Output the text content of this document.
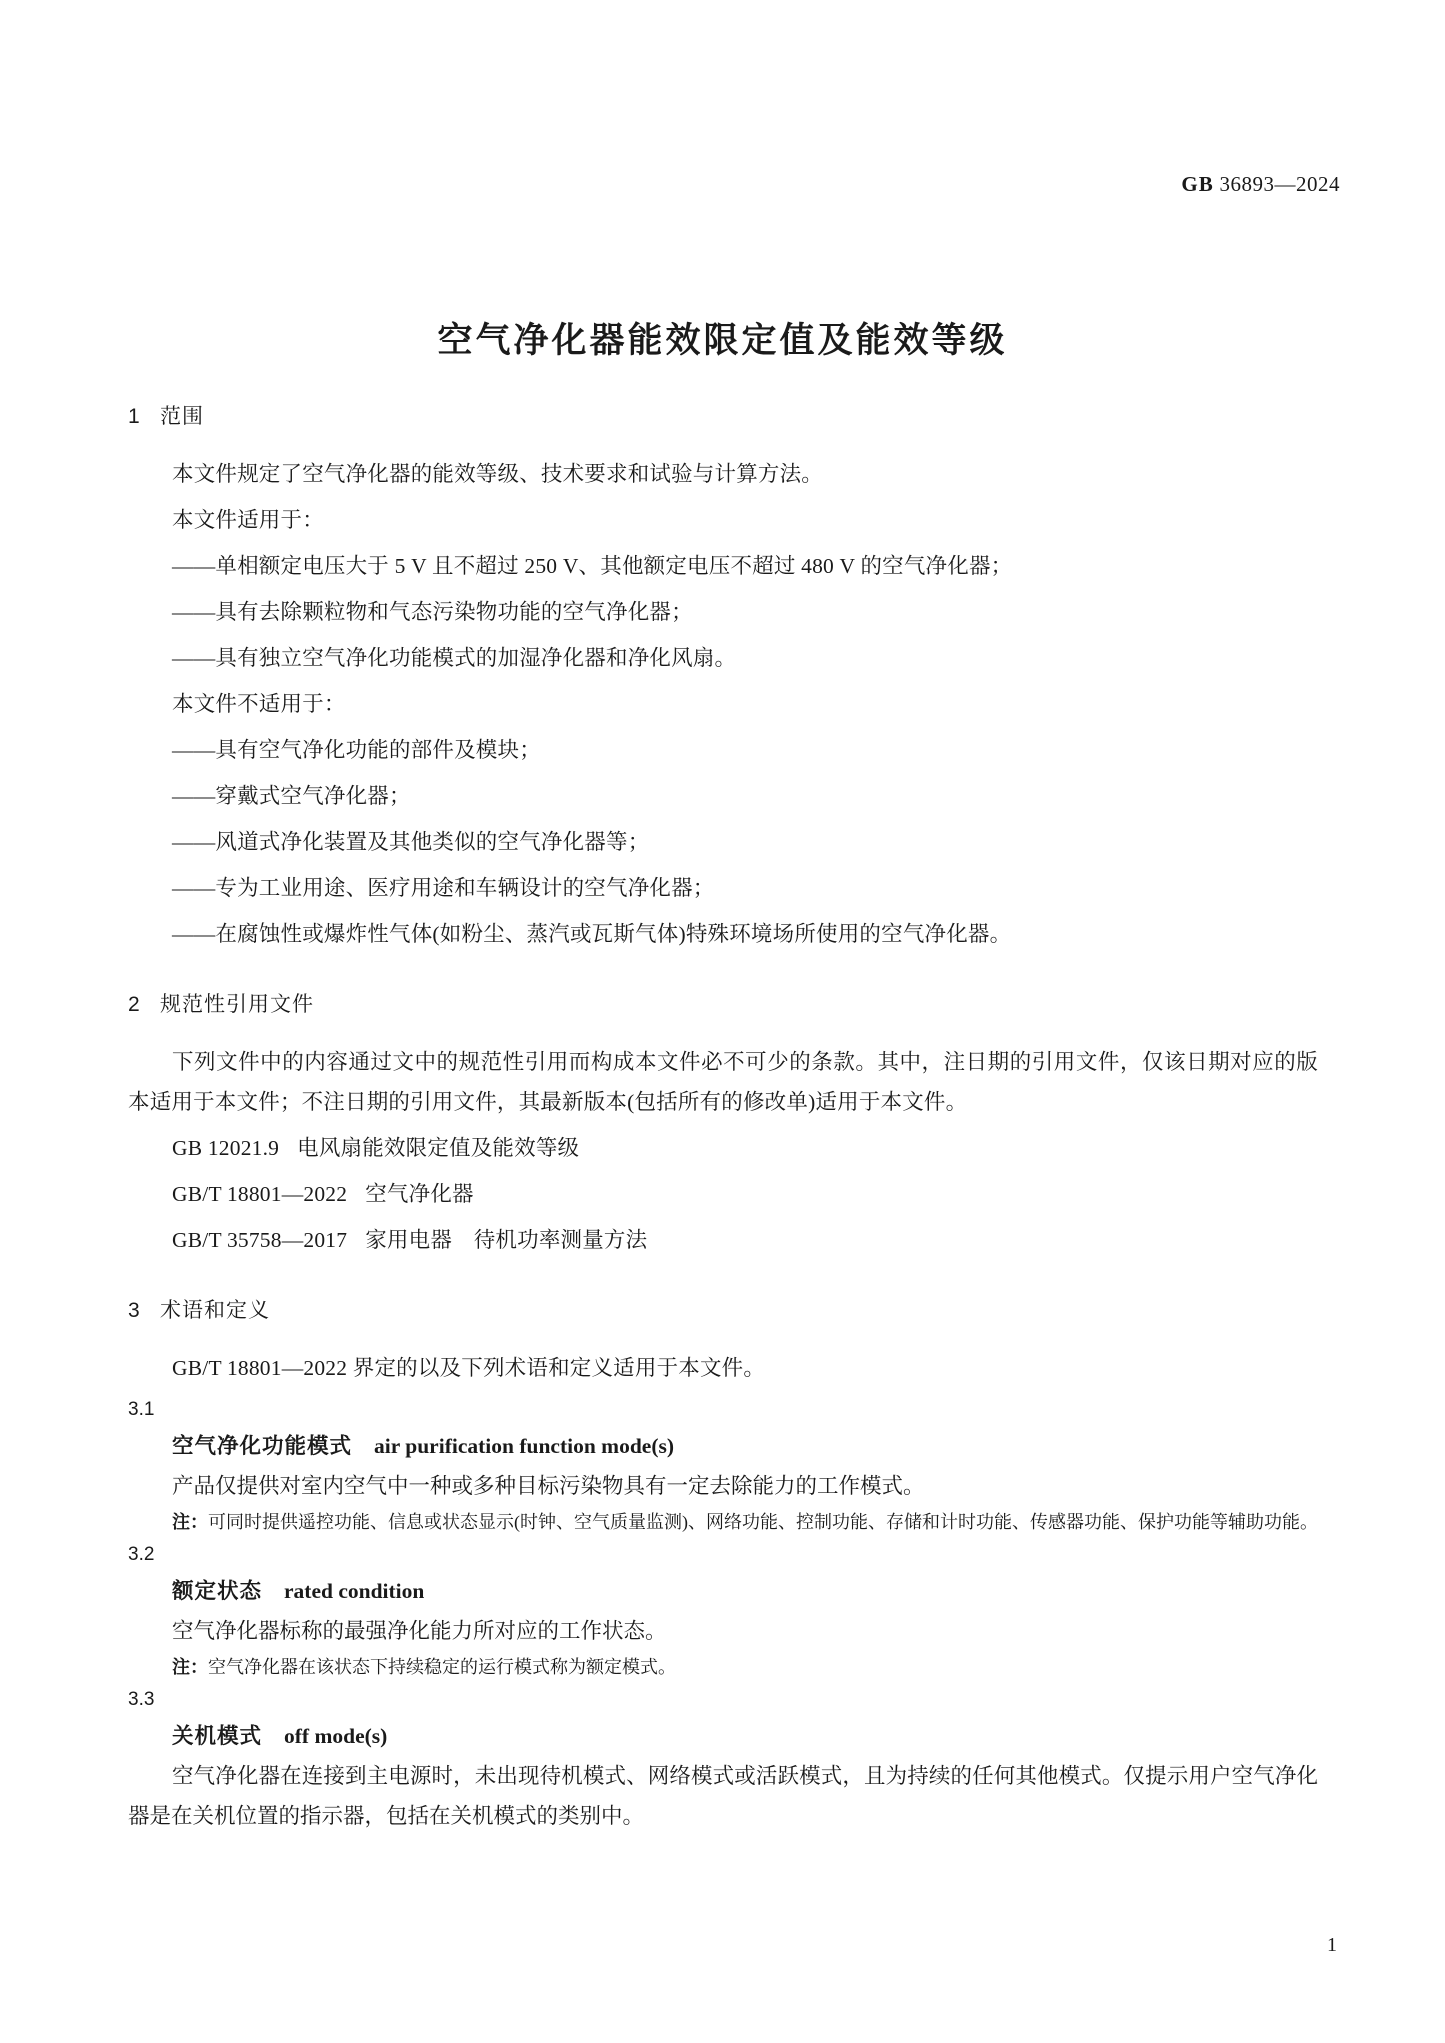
GB 36893—2024
空气净化器能效限定值及能效等级
1 范围

本文件规定了空气净化器的能效等级、技术要求和试验与计算方法。

本文件适用于：

——单相额定电压大于 5 V 且不超过 250 V、其他额定电压不超过 480 V 的空气净化器；

——具有去除颗粒物和气态污染物功能的空气净化器；

——具有独立空气净化功能模式的加湿净化器和净化风扇。

本文件不适用于：

——具有空气净化功能的部件及模块；

——穿戴式空气净化器；

——风道式净化装置及其他类似的空气净化器等；

——专为工业用途、医疗用途和车辆设计的空气净化器；

——在腐蚀性或爆炸性气体(如粉尘、蒸汽或瓦斯气体)特殊环境场所使用的空气净化器。

2 规范性引用文件

下列文件中的内容通过文中的规范性引用而构成本文件必不可少的条款。其中，注日期的引用文件，仅该日期对应的版本适用于本文件；不注日期的引用文件，其最新版本(包括所有的修改单)适用于本文件。

GB 12021.9 电风扇能效限定值及能效等级

GB/T 18801—2022 空气净化器

GB/T 35758—2017 家用电器　待机功率测量方法

3 术语和定义

GB/T 18801—2022 界定的以及下列术语和定义适用于本文件。

3.1

空气净化功能模式 air purification function mode(s)

产品仅提供对室内空气中一种或多种目标污染物具有一定去除能力的工作模式。

注：可同时提供遥控功能、信息或状态显示(时钟、空气质量监测)、网络功能、控制功能、存储和计时功能、传感器功能、保护功能等辅助功能。

3.2

额定状态 rated condition

空气净化器标称的最强净化能力所对应的工作状态。

注：空气净化器在该状态下持续稳定的运行模式称为额定模式。

3.3

关机模式 off mode(s)

空气净化器在连接到主电源时，未出现待机模式、网络模式或活跃模式，且为持续的任何其他模式。仅提示用户空气净化器是在关机位置的指示器，包括在关机模式的类别中。

1
